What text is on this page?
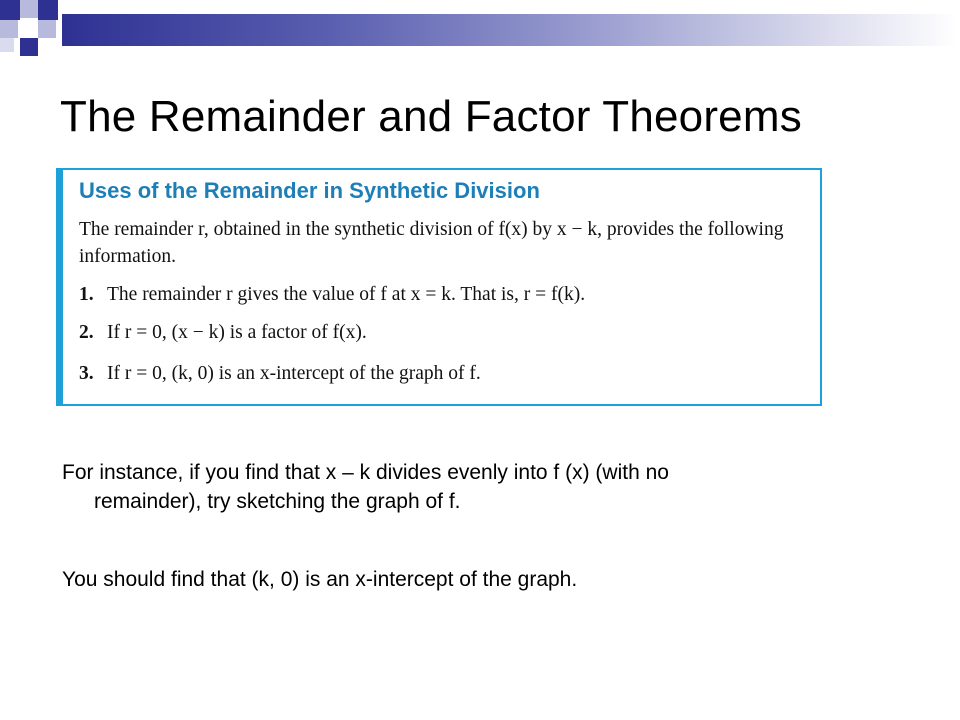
The Remainder and Factor Theorems
Uses of the Remainder in Synthetic Division
The remainder r, obtained in the synthetic division of f(x) by x − k, provides the following information.
1. The remainder r gives the value of f at x = k. That is, r = f(k).
2. If r = 0, (x − k) is a factor of f(x).
3. If r = 0, (k, 0) is an x-intercept of the graph of f.
For instance, if you find that x – k divides evenly into f (x) (with no
remainder), try sketching the graph of f.
You should find that (k, 0) is an x-intercept of the graph.
